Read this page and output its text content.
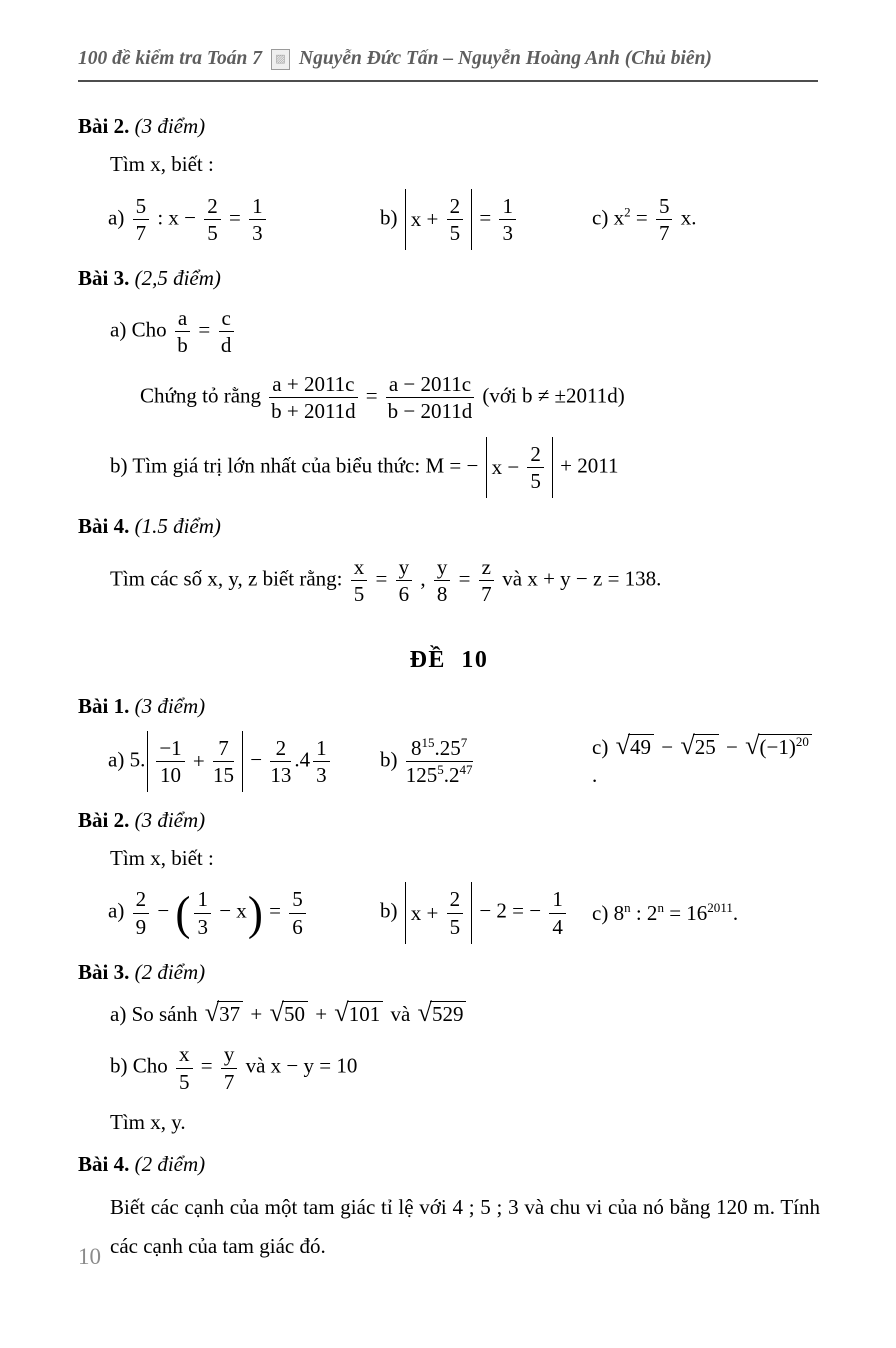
100 đề kiểm tra Toán 7	▨ Nguyễn Đức Tấn – Nguyễn Hoàng Anh (Chủ biên)
Bài 2. (3 điểm)
Tìm x, biết :
$a) \frac{5}{7}$ : $x - \frac{2}{5} = \frac{1}{3}$	b) $x + \frac{2}{5} = \frac{1}{3}$	c) $x^2 = \frac{5}{7} x$.
Bài 3. (2,5 điểm)
a) Cho $\frac{a}{b} = \frac{c}{d}$
Chứng tỏ rằng $\frac{a + 2011c}{b + 2011d} = \frac{a - 2011c}{b - 2011d}$ (với b ≠ ±2011d)
b) Tìm giá trị lớn nhất của biểu thức: M = − $x - \frac{2}{5} + 2011$
Bài 4. (1.5 điểm)
Tìm các số x, y, z biết rằng: $\frac{x}{5} = \frac{y}{6}$ , $\frac{y}{8} = \frac{z}{7}$ và x + y − z = 138.
ĐỀ 10
Bài 1. (3 điểm)
a) 5. $\frac{-1}{10} + \frac{7}{15} - \frac{2}{13} .4 \frac{1}{3} b) \frac{8^{15}.25^7}{125^5.2^{47}}$	c) √ 49 − √ 25 − √ $(-1)^{20}$ .
Bài 2. (3 điểm)
Tìm x, biết :
$a) \frac{2}{9}$ − ( $\frac{1}{3} - x) = \frac{5}{6}$	b) $x + \frac{2}{5} - 2$ = − $\frac{1}{4} c$) 8$^n$ : $2^n = 16^{2011}$.
Bài 3. (2 điểm)
a) So sánh √ 37 + √ 50 + √ 101 và √ 529
b) Cho $\frac{x}{5} = \frac{y}{7}$ và x − y = 10
Tìm x, y.
Bài 4. (2 điểm)
Biết các cạnh của một tam giác tỉ lệ với 4 ; 5 ; 3 và chu vi của nó bằng 120 m. Tính các cạnh của tam giác đó.
10
